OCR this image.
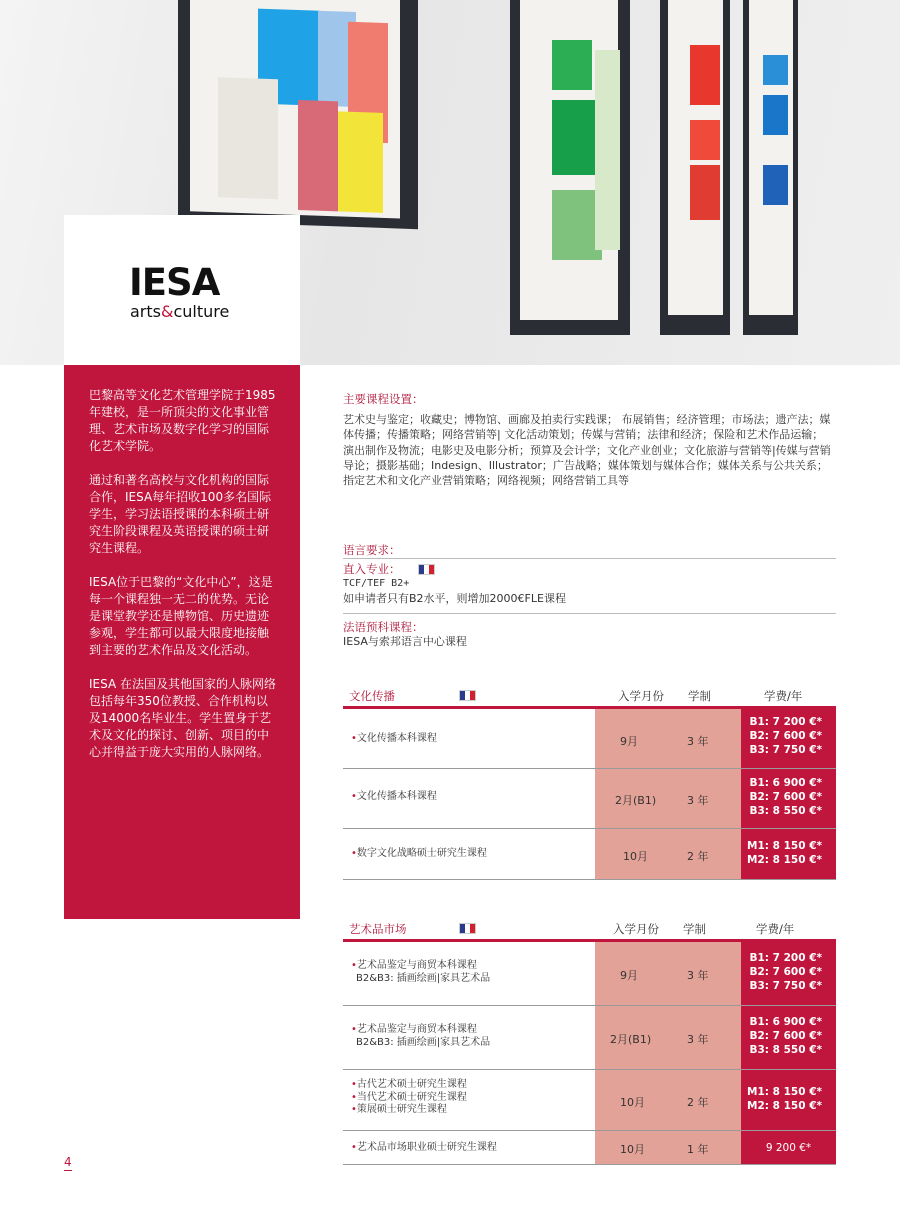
IESA
arts&culture

巴黎高等文化艺术管理学院于1985年建校，是一所顶尖的文化事业管理、艺术市场及数字化学习的国际化艺术学院。

通过和著名高校与文化机构的国际合作，IESA每年招收100多名国际学生，学习法语授课的本科硕士研究生阶段课程及英语授课的硕士研究生课程。

IESA位于巴黎的“文化中心”，这是每一个课程独一无二的优势。无论是课堂教学还是博物馆、历史遗迹参观，学生都可以最大限度地接触到主要的艺术作品及文化活动。

IESA 在法国及其他国家的人脉网络包括每年350位教授、合作机构以及14000名毕业生。学生置身于艺术及文化的探讨、创新、项目的中心并得益于庞大实用的人脉网络。

主要课程设置：
艺术史与鉴定；收藏史；博物馆、画廊及拍卖行实践课； 布展销售；经济管理；市场法；遗产法；媒体传播；传播策略；网络营销等| 文化活动策划；传媒与营销；法律和经济；保险和艺术作品运输；演出制作及物流；电影史及电影分析；预算及会计学；文化产业创业；文化旅游与营销等|传媒与营销导论；摄影基础；Indesign、Illustrator；广告战略；媒体策划与媒体合作；媒体关系与公共关系；指定艺术和文化产业营销策略；网络视频；网络营销工具等
语言要求：
直入专业：
TCF/TEF B2+
如申请者只有B2水平，则增加2000€FLE课程
法语预科课程：
IESA与索邦语言中心课程
文化传播	入学月份 学制	学费/年
•文化传播本科课程	9月	3 年
B1: 7 200 €*
B2: 7 600 €*
B3: 7 750 €*
•文化传播本科课程	2月(B1)	3 年
B1: 6 900 €*
B2: 7 600 €*
B3: 8 550 €*
•数字文化战略硕士研究生课程	10月	2 年
M1: 8 150 €*
M2: 8 150 €*
艺术品市场	入学月份 学制	学费/年
•艺术品鉴定与商贸本科课程
B2&B3: 插画绘画|家具艺术品	9月	3 年
B1: 7 200 €*
B2: 7 600 €*
B3: 7 750 €*
•艺术品鉴定与商贸本科课程
B2&B3: 插画绘画|家具艺术品	2月(B1)	3 年
B1: 6 900 €*
B2: 7 600 €*
B3: 8 550 €*
•古代艺术硕士研究生课程
•当代艺术硕士研究生课程
•策展硕士研究生课程
10月	2 年
M1: 8 150 €*
M2: 8 150 €*
•艺术品市场职业硕士研究生课程	10月	1 年	9 200 €*
4
